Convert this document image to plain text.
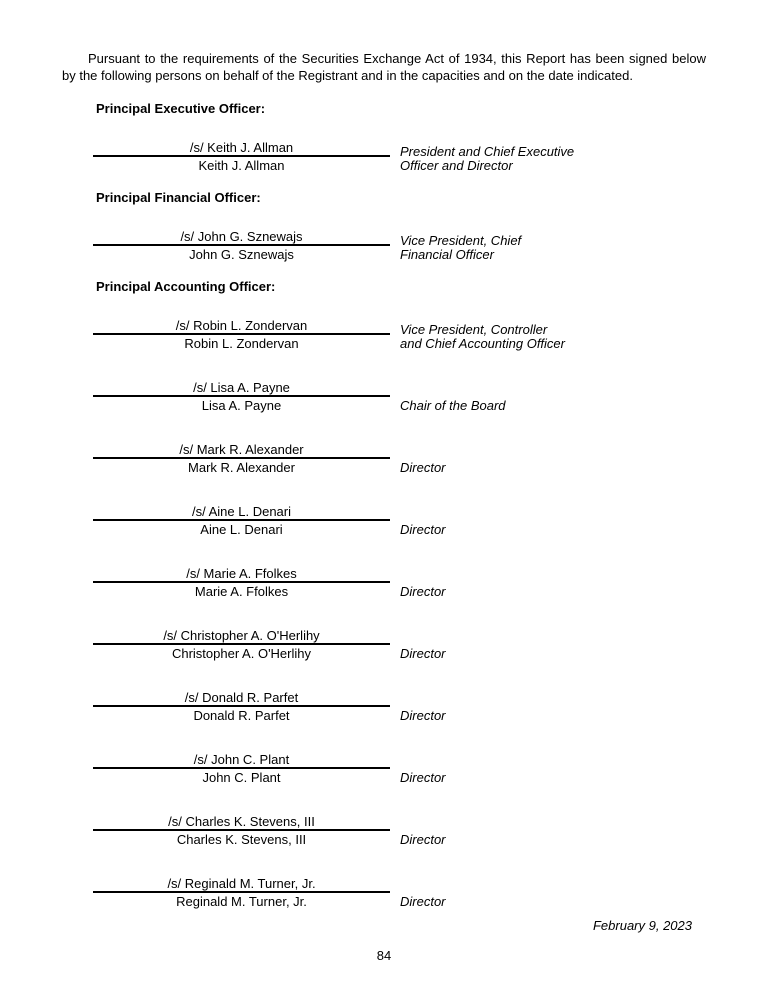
Pursuant to the requirements of the Securities Exchange Act of 1934, this Report has been signed below
by the following persons on behalf of the Registrant and in the capacities and on the date indicated.
Principal Executive Officer:
/s/ Keith J. Allman
Keith J. Allman
President and Chief Executive
Officer and Director
Principal Financial Officer:
/s/ John G. Sznewajs
John G. Sznewajs
Vice President, Chief
Financial Officer
Principal Accounting Officer:
/s/ Robin L. Zondervan
Robin L. Zondervan
Vice President, Controller
and Chief Accounting Officer
/s/ Lisa A. Payne
Lisa A. Payne	Chair of the Board
/s/ Mark R. Alexander
Mark R. Alexander	Director
/s/ Aine L. Denari
Aine L. Denari	Director
/s/ Marie A. Ffolkes
Marie A. Ffolkes	Director
/s/ Christopher A. O'Herlihy
Christopher A. O'Herlihy	Director
/s/ Donald R. Parfet
Donald R. Parfet	Director
/s/ John C. Plant
John C. Plant	Director
/s/ Charles K. Stevens, III
Charles K. Stevens, III	Director
/s/ Reginald M. Turner, Jr.
Reginald M. Turner, Jr.	Director
February 9, 2023
84
